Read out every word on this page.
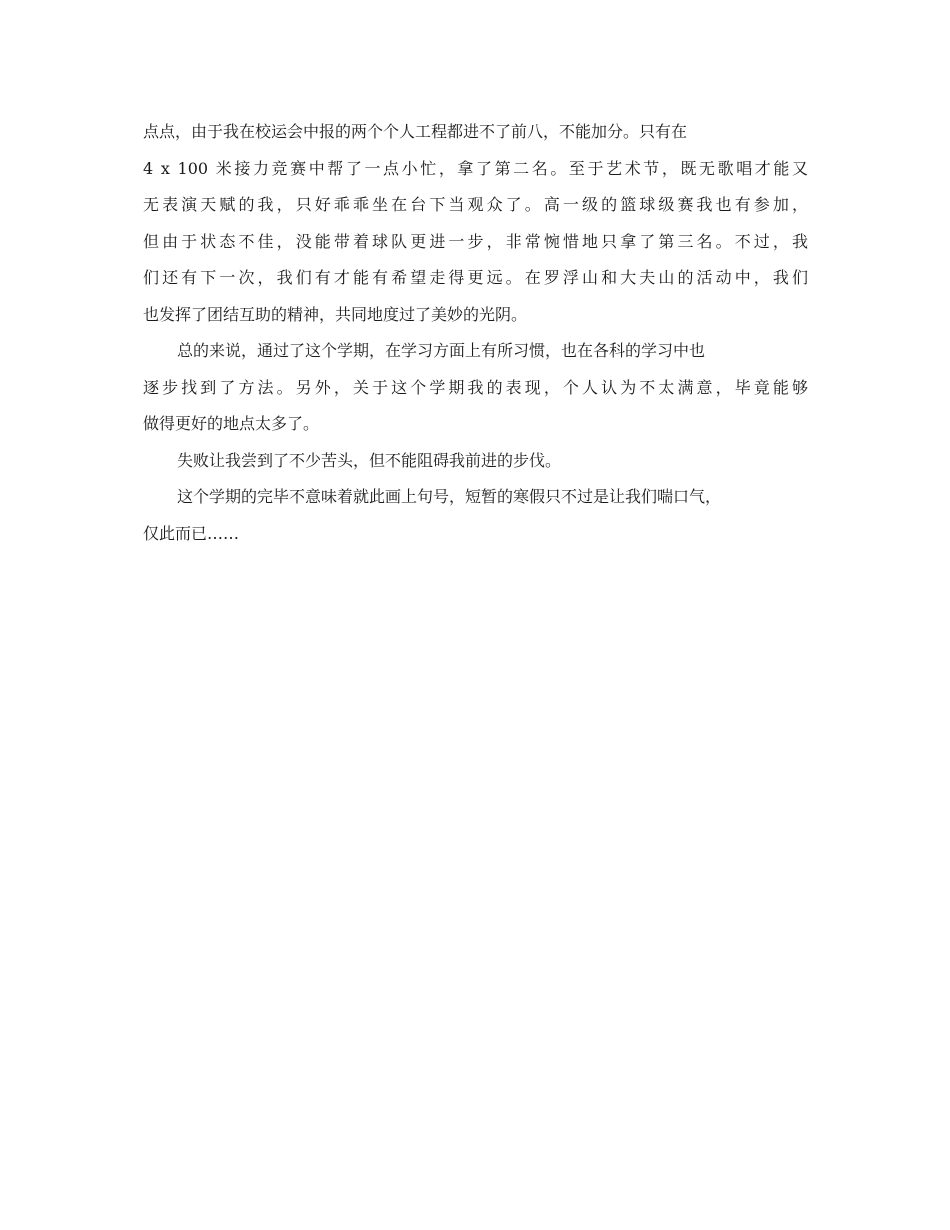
点点，由于我在校运会中报的两个个人工程都进不了前八，不能加分。只有在
4 x 100 米接力竞赛中帮了一点小忙，拿了第二名。至于艺术节，既无歌唱才能又
无表演天赋的我，只好乖乖坐在台下当观众了。高一级的篮球级赛我也有参加，
但由于状态不佳，没能带着球队更进一步，非常惋惜地只拿了第三名。不过，我
们还有下一次，我们有才能有希望走得更远。在罗浮山和大夫山的活动中，我们
也发挥了团结互助的精神，共同地度过了美妙的光阴。
总的来说，通过了这个学期，在学习方面上有所习惯，也在各科的学习中也
逐步找到了方法。另外，关于这个学期我的表现，个人认为不太满意，毕竟能够
做得更好的地点太多了。
失败让我尝到了不少苦头，但不能阻碍我前进的步伐。
这个学期的完毕不意味着就此画上句号，短暂的寒假只不过是让我们喘口气，
仅此而已……
